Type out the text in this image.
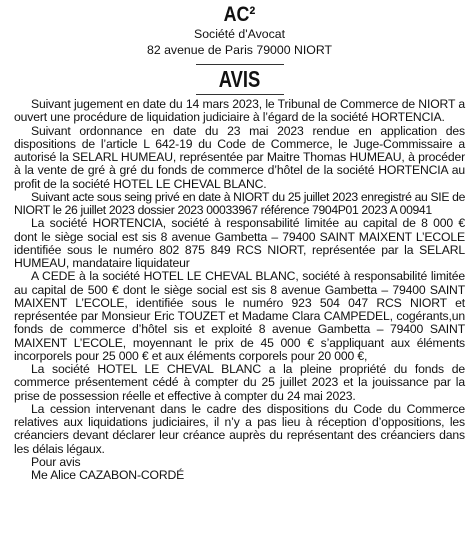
AC²
Société d'Avocat
82 avenue de Paris 79000 NIORT
AVIS

Suivant jugement en date du 14 mars 2023, le Tribunal de Commerce de NIORT a ouvert une procédure de liquidation judiciaire à l’égard de la société HORTENCIA.

Suivant ordonnance en date du 23 mai 2023 rendue en application des dispositions de l’article L 642-19 du Code de Commerce, le Juge-Commissaire a autorisé la SELARL HUMEAU, représentée par Maitre Thomas HUMEAU, à procéder à la vente de gré à gré du fonds de commerce d’hôtel de la société HORTENCIA au profit de la société HOTEL LE CHEVAL BLANC.

Suivant acte sous seing privé en date à NIORT du 25 juillet 2023 enregistré au SIE de NIORT le 26 juillet 2023 dossier 2023 00033967 référence 7904P01 2023 A 00941

La société HORTENCIA, société à responsabilité limitée au capital de 8 000 € dont le siège social est sis 8 avenue Gambetta – 79400 SAINT MAIXENT L’ECOLE identifiée sous le numéro 802 875 849 RCS NIORT, représentée par la SELARL HUMEAU, mandataire liquidateur

A CEDE à la société HOTEL LE CHEVAL BLANC, société à responsabilité limitée au capital de 500 € dont le siège social est sis 8 avenue Gambetta – 79400 SAINT MAIXENT L’ECOLE, identifiée sous le numéro 923 504 047 RCS NIORT et représentée par Monsieur Eric TOUZET et Madame Clara CAMPEDEL, cogérants,un fonds de commerce d’hôtel sis et exploité 8 avenue Gambetta – 79400 SAINT MAIXENT L’ECOLE, moyennant le prix de 45 000 € s’appliquant aux éléments incorporels pour 25 000 € et aux éléments corporels pour 20 000 €,

La société HOTEL LE CHEVAL BLANC a la pleine propriété du fonds de commerce présentement cédé à compter du 25 juillet 2023 et la jouissance par la prise de possession réelle et effective à compter du 24 mai 2023.

La cession intervenant dans le cadre des dispositions du Code du Commerce relatives aux liquidations judiciaires, il n’y a pas lieu à réception d’oppositions, les créanciers devant déclarer leur créance auprès du représentant des créanciers dans les délais légaux.

Pour avis

Me Alice CAZABON-CORDÉ
